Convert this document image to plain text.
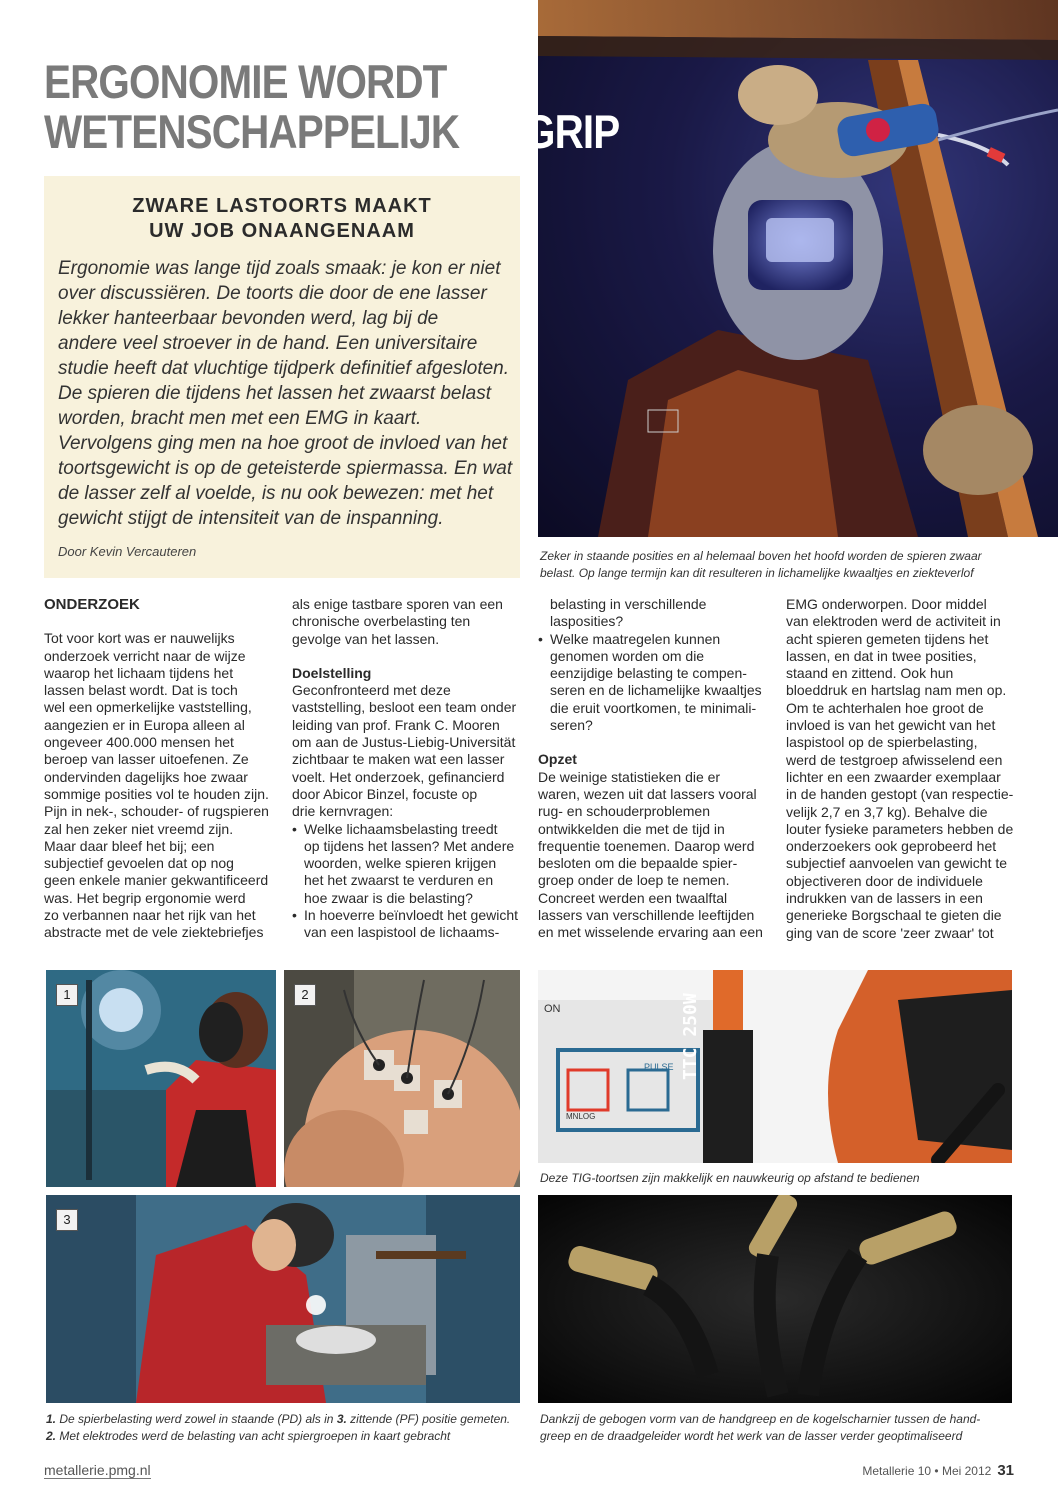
ERGONOMIE WORDT
WETENSCHAPPELIJK BEGRIP
ZWARE LASTOORTS MAAKT
UW JOB ONAANGENAAM
Ergonomie was lange tijd zoals smaak: je kon er niet
over discussiëren. De toorts die door de ene lasser
lekker hanteerbaar bevonden werd, lag bij de
andere veel stroever in de hand. Een universitaire
studie heeft dat vluchtige tijdperk definitief afgesloten.
De spieren die tijdens het lassen het zwaarst belast
worden, bracht men met een EMG in kaart.
Vervolgens ging men na hoe groot de invloed van het
toortsgewicht is op de geteisterde spiermassa. En wat
de lasser zelf al voelde, is nu ook bewezen: met het
gewicht stijgt de intensiteit van de inspanning.
Door Kevin Vercauteren	Zeker in staande posities en al helemaal boven het hoofd worden de spieren zwaar
belast. Op lange termijn kan dit resulteren in lichamelijke kwaaltjes en ziekteverlof
ONDERZOEK
Tot voor kort was er nauwelijks
onderzoek verricht naar de wijze
waarop het lichaam tijdens het
lassen belast wordt. Dat is toch
wel een opmerkelijke vaststelling,
aangezien er in Europa alleen al
ongeveer 400.000 mensen het
beroep van lasser uitoefenen. Ze
ondervinden dagelijks hoe zwaar
sommige posities vol te houden zijn.
Pijn in nek-, schouder- of rugspieren
zal hen zeker niet vreemd zijn.
Maar daar bleef het bij; een
subjectief gevoelen dat op nog
geen enkele manier gekwantificeerd
was. Het begrip ergonomie werd
zo verbannen naar het rijk van het
abstracte met de vele ziektebriefjes
als enige tastbare sporen van een
chronische overbelasting ten
gevolge van het lassen.
Doelstelling
Geconfronteerd met deze
vaststelling, besloot een team onder
leiding van prof. Frank C. Mooren
om aan de Justus-Liebig-Universität
zichtbaar te maken wat een lasser
voelt. Het onderzoek, gefinancierd
door Abicor Binzel, focuste op
drie kernvragen:
• Welke lichaamsbelasting treedt
op tijdens het lassen? Met andere
woorden, welke spieren krijgen
het het zwaarst te verduren en
hoe zwaar is die belasting?
• In hoeverre beïnvloedt het gewicht
van een laspistool de lichaams-
belasting in verschillende
laspositi​es?
• Welke maatregelen kunnen
genomen worden om die
eenzijdige belasting te compen-
seren en de lichamelijke kwaaltjes
die eruit voortkomen, te minimali-
seren?
Opzet
De weinige statistieken die er
waren, wezen uit dat lassers vooral
rug- en schouderproblemen
ontwikkelden die met de tijd in
frequentie toenemen. Daarop werd
besloten om die bepaalde spier-
groep onder de loep te nemen.
Concreet werden een twaalftal
lassers van verschillende leeftijden
en met wisselende ervaring aan een
EMG onderworpen. Door middel
van elektroden werd de activiteit in
acht spieren gemeten tijdens het
lassen, en dat in twee posities,
staand en zittend. Ook hun
bloeddruk en hartslag nam men op.
Om te achterhalen hoe groot de
invloed is van het gewicht van het
laspistool op de spierbelasting,
werd de testgroep afwisselend een
lichter en een zwaarder exemplaar
in de handen gestopt (van respectie-
velijk 2,7 en 3,7 kg). Behalve die
louter fysieke parameters hebben de
onderzoekers ook geprobeerd het
subjectief aanvoelen van gewicht te
objectiveren door de individuele
indrukken van de lassers in een
generieke Borgschaal te gieten die
ging van de score 'zeer zwaar' tot
1	2
3
ON
PULSE
MNLOG
TTC 250W
Deze TIG-toortsen zijn makkelijk en nauwkeurig op afstand te bedienen
1. De spierbelasting werd zowel in staande (PD) als in 3. zittende (PF) positie gemeten.
2. Met elektrodes werd de belasting van acht spiergroepen in kaart gebracht
Dankzij de gebogen vorm van de handgreep en de kogelscharnier tussen de hand-
greep en de draadgeleider wordt het werk van de lasser verder geoptimaliseerd
metallerie.pmg.nl	Metallerie 10 • Mei 2012 31
